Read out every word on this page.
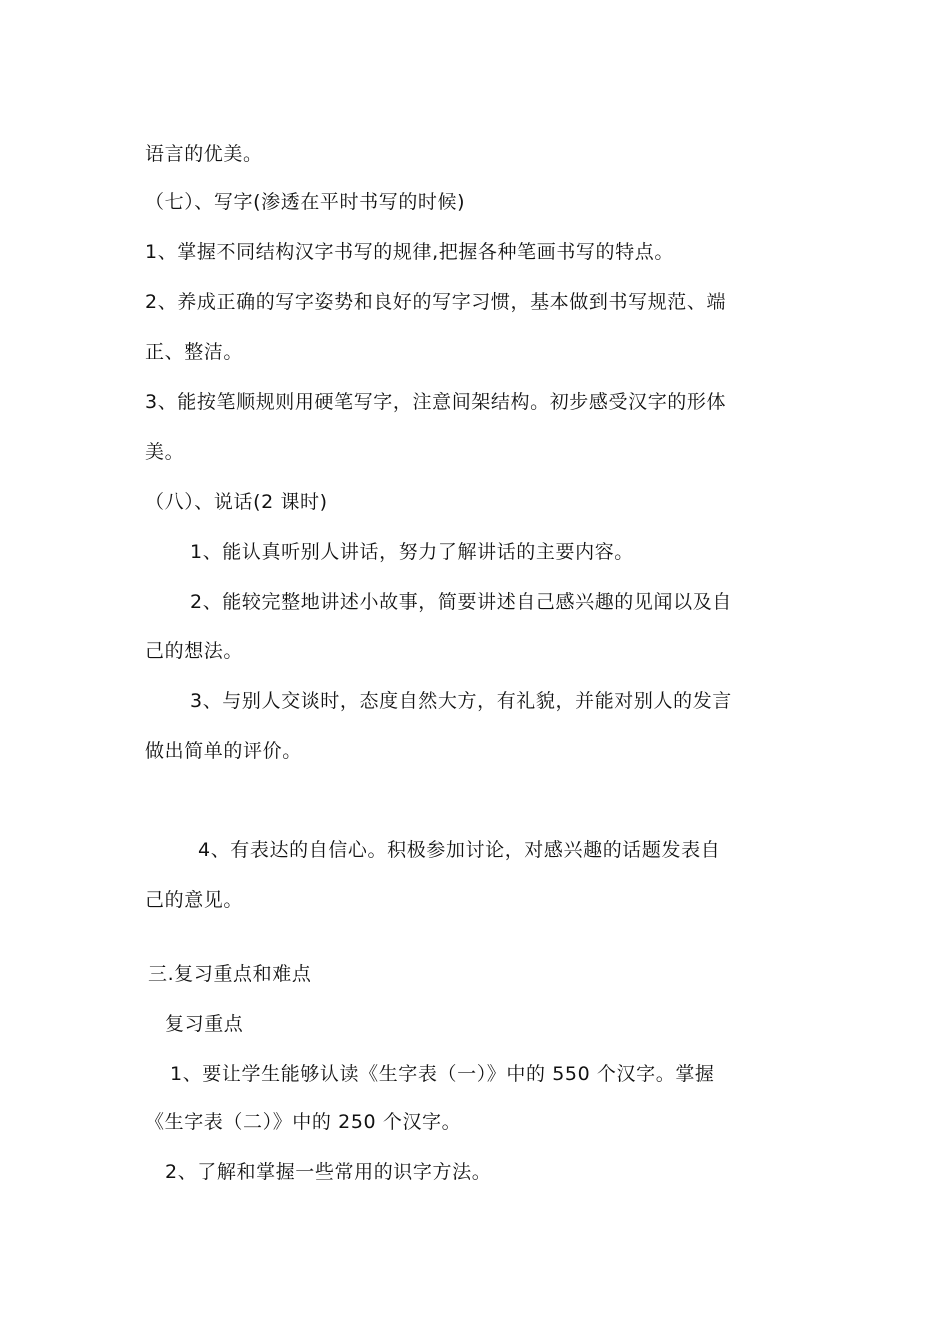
语言的优美。
（七）、写字(渗透在平时书写的时候)
1、掌握不同结构汉字书写的规律,把握各种笔画书写的特点。
2、养成正确的写字姿势和良好的写字习惯，基本做到书写规范、端
正、整洁。
3、能按笔顺规则用硬笔写字，注意间架结构。初步感受汉字的形体
美。
（八）、说话(2 课时)
1、能认真听别人讲话，努力了解讲话的主要内容。
2、能较完整地讲述小故事，简要讲述自己感兴趣的见闻以及自
己的想法。
3、与别人交谈时，态度自然大方，有礼貌，并能对别人的发言
做出简单的评价。
4、有表达的自信心。积极参加讨论，对感兴趣的话题发表自
己的意见。
三.复习重点和难点
复习重点
1、要让学生能够认读《生字表（一）》中的 550 个汉字。掌握
《生字表（二）》中的 250 个汉字。
2、了解和掌握一些常用的识字方法。
